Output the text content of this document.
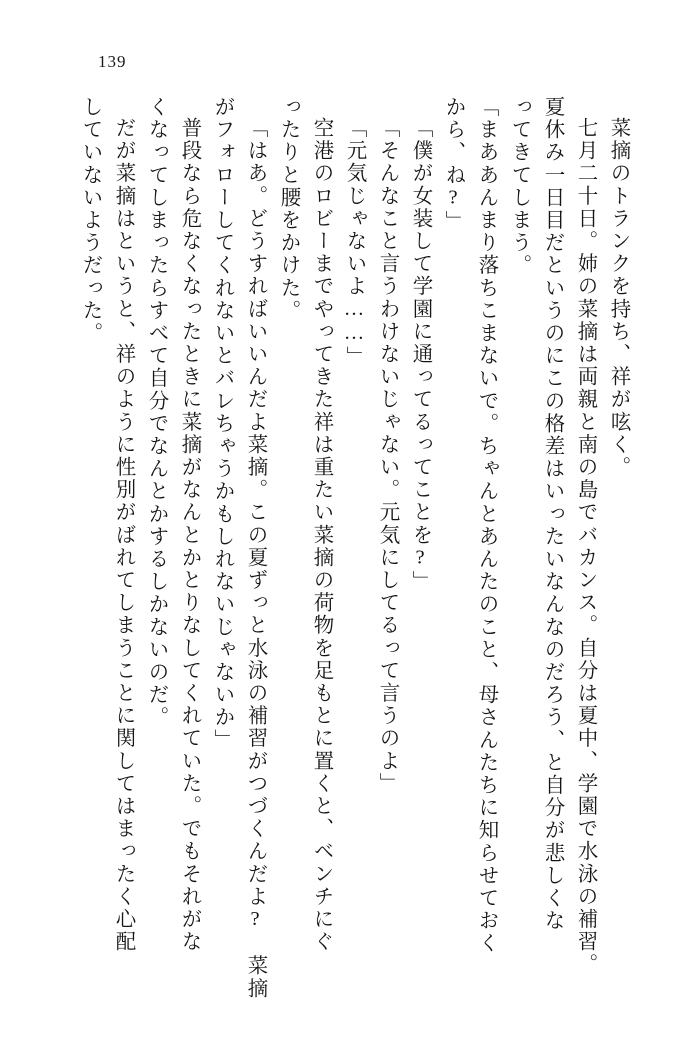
139
菜摘のトランクを持ち、祥が呟く。
七月二十日。姉の菜摘は両親と南の島でバカンス。自分は夏中、学園で水泳の補習。
夏休み一日目だというのにこの格差はいったいなんなのだろう、と自分が悲しくな
ってきてしまう。
「まああんまり落ちこまないで。ちゃんとあんたのこと、母さんたちに知らせておく
から、ね?」
「僕が女装して学園に通ってるってことを?」
「そんなこと言うわけないじゃない。元気にしてるって言うのよ」
「元気じゃないよ……」
空港のロビーまでやってきた祥は重たい菜摘の荷物を足もとに置くと、ベンチにぐ
ったりと腰をかけた。
「はあ。どうすればいいんだよ菜摘。この夏ずっと水泳の補習がつづくんだよ?　菜摘
がフォローしてくれないとバレちゃうかもしれないじゃないか」
普段なら危なくなったときに菜摘がなんとかとりなしてくれていた。でもそれがな
くなってしまったらすべて自分でなんとかするしかないのだ。
だが菜摘はというと、祥のように性別がばれてしまうことに関してはまったく心配
していないようだった。
